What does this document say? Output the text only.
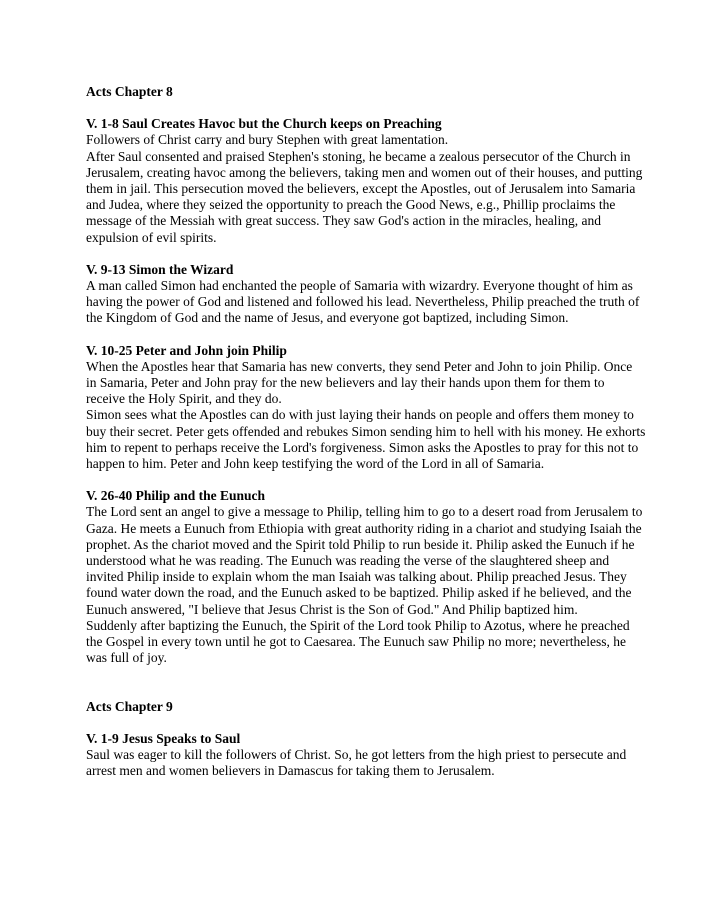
Acts Chapter 8

V. 1-8 Saul Creates Havoc but the Church keeps on Preaching

Followers of Christ carry and bury Stephen with great lamentation.

After Saul consented and praised Stephen's stoning, he became a zealous persecutor of the Church in Jerusalem, creating havoc among the believers, taking men and women out of their houses, and putting them in jail. This persecution moved the believers, except the Apostles, out of Jerusalem into Samaria and Judea, where they seized the opportunity to preach the Good News, e.g., Phillip proclaims the message of the Messiah with great success. They saw God's action in the miracles, healing, and expulsion of evil spirits.

V. 9-13 Simon the Wizard

A man called Simon had enchanted the people of Samaria with wizardry. Everyone thought of him as having the power of God and listened and followed his lead. Nevertheless, Philip preached the truth of the Kingdom of God and the name of Jesus, and everyone got baptized, including Simon.

V. 10-25 Peter and John join Philip

When the Apostles hear that Samaria has new converts, they send Peter and John to join Philip. Once in Samaria, Peter and John pray for the new believers and lay their hands upon them for them to receive the Holy Spirit, and they do.

Simon sees what the Apostles can do with just laying their hands on people and offers them money to buy their secret. Peter gets offended and rebukes Simon sending him to hell with his money. He exhorts him to repent to perhaps receive the Lord's forgiveness. Simon asks the Apostles to pray for this not to happen to him. Peter and John keep testifying the word of the Lord in all of Samaria.

V. 26-40 Philip and the Eunuch

The Lord sent an angel to give a message to Philip, telling him to go to a desert road from Jerusalem to Gaza. He meets a Eunuch from Ethiopia with great authority riding in a chariot and studying Isaiah the prophet. As the chariot moved and the Spirit told Philip to run beside it. Philip asked the Eunuch if he understood what he was reading. The Eunuch was reading the verse of the slaughtered sheep and invited Philip inside to explain whom the man Isaiah was talking about. Philip preached Jesus. They found water down the road, and the Eunuch asked to be baptized. Philip asked if he believed, and the Eunuch answered, "I believe that Jesus Christ is the Son of God." And Philip baptized him.

Suddenly after baptizing the Eunuch, the Spirit of the Lord took Philip to Azotus, where he preached the Gospel in every town until he got to Caesarea. The Eunuch saw Philip no more; nevertheless, he was full of joy.

Acts Chapter 9

V. 1-9 Jesus Speaks to Saul

Saul was eager to kill the followers of Christ. So, he got letters from the high priest to persecute and arrest men and women believers in Damascus for taking them to Jerusalem.
